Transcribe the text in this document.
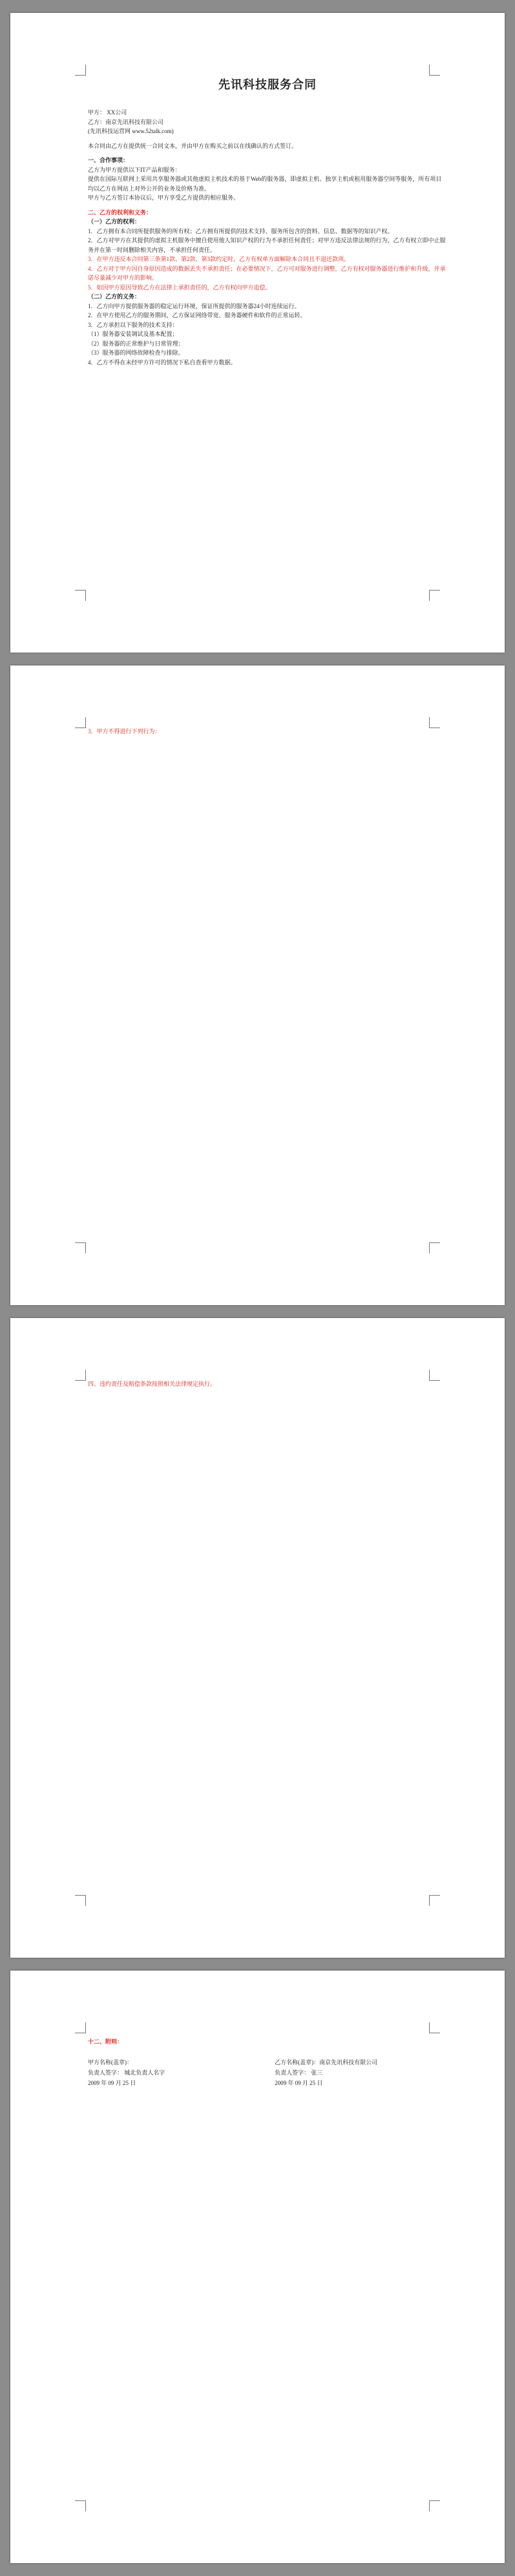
先讯科技服务合同

甲方： XX公司

乙方：南京先讯科技有限公司

(先讯科技运营网 www.52talk.com)

本合同由乙方在提供统一合同文本，并由甲方在购买之前以在线确认的方式签订。

一、合作事项：

乙方为甲方提供以下IT产品和服务：

提供在国际互联网上采用共享服务器或其他虚拟主机技术的基于Web的服务器，即虚拟主机、独享主机或租用服务器空间等服务，所有项目均以乙方在网站上对外公开的业务及价格为准。

甲方与乙方签订本协议后，甲方享受乙方提供的相应服务。

二、乙方的权利和义务：

（一）乙方的权利：

1．乙方拥有本合同所提供服务的所有权；乙方拥有所提供的技术支持、服务所包含的资料、信息、数据等的知识产权。

2．乙方对甲方在其提供的虚拟主机服务中擅自使用他人知识产权的行为不承担任何责任；对甲方违反法律法规的行为，乙方有权立即中止服务并在第一时间删除相关内容，不承担任何责任。

3．在甲方违反本合同第三条第1款、第2款、第3款约定时，乙方有权单方面解除本合同且不退还款项。

4．乙方对于甲方因自身原因造成的数据丢失不承担责任；在必要情况下，乙方可对服务进行调整，乙方有权对服务器进行维护和升级，并承诺尽量减少对甲方的影响。

5．如因甲方原因导致乙方在法律上承担责任的，乙方有权向甲方追偿。

（二）乙方的义务：

1．乙方向甲方提供服务器的稳定运行环境，保证所提供的服务器24小时连续运行。

2．在甲方使用乙方的服务期间，乙方保证网络带宽、服务器硬件和软件的正常运转。

3．乙方承担以下服务的技术支持：

（1）服务器安装调试及基本配置；

（2）服务器的正常维护与日常管理；

（3）服务器的网络故障检查与排除。

4．乙方不得在未经甲方许可的情况下私自查看甲方数据。

3．甲方不得进行下列行为：

四、违约责任及赔偿条款按照相关法律规定执行。

十二、附则：

甲方名称(盖章)：	乙方名称(盖章)：南京先讯科技有限公司
负责人签字： 城北负责人名字	负责人签字： 张三
2009 年 09 月 25 日	2009 年 09 月 25 日
